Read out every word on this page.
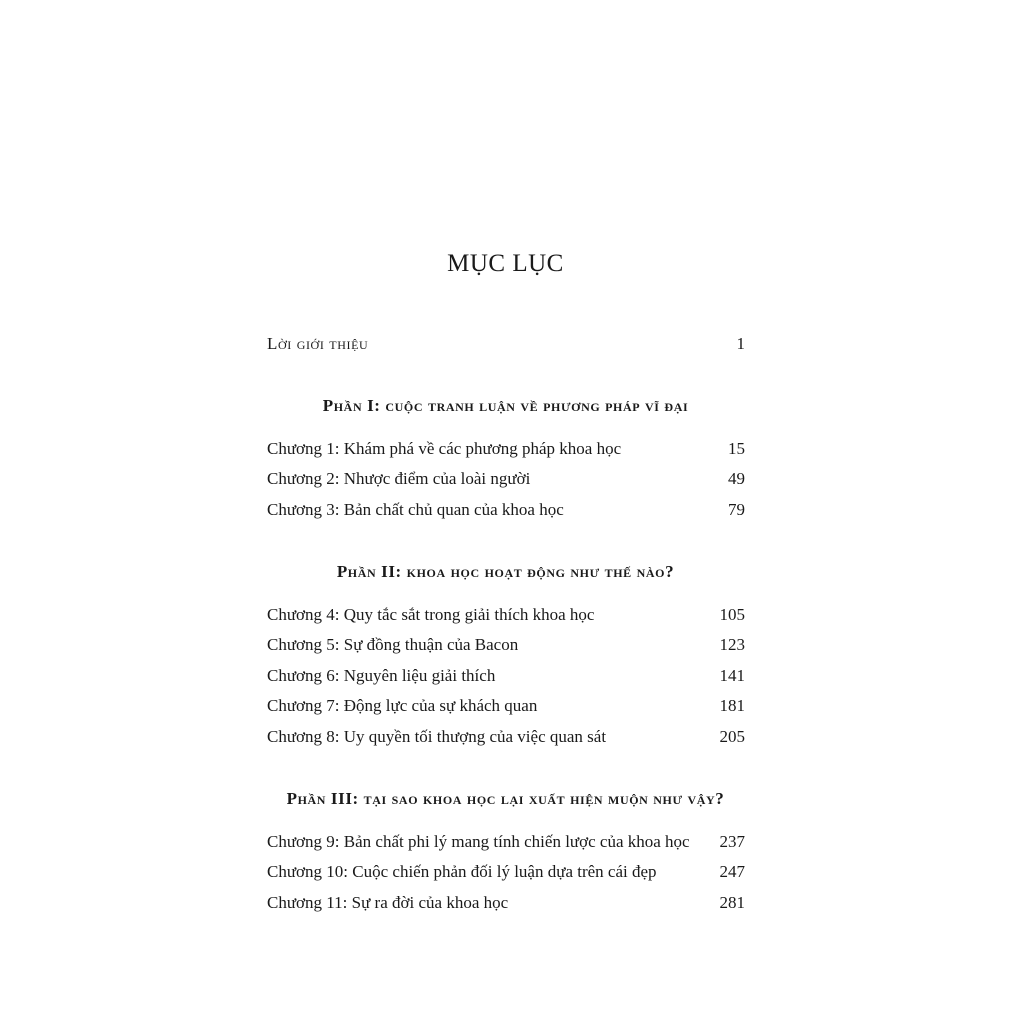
MỤC LỤC
Lời giới thiệu	1
Phần I: cuộc tranh luận về phương pháp vĩ đại
Chương 1: Khám phá về các phương pháp khoa học	15
Chương 2: Nhược điểm của loài người	49
Chương 3: Bản chất chủ quan của khoa học	79
Phần II: khoa học hoạt động như thế nào?
Chương 4: Quy tắc sắt trong giải thích khoa học	105
Chương 5: Sự đồng thuận của Bacon	123
Chương 6: Nguyên liệu giải thích	141
Chương 7: Động lực của sự khách quan	181
Chương 8: Uy quyền tối thượng của việc quan sát	205
Phần III: tại sao khoa học lại xuất hiện muộn như vậy?
Chương 9: Bản chất phi lý mang tính chiến lược của khoa học 237
Chương 10: Cuộc chiến phản đối lý luận dựa trên cái đẹp	247
Chương 11: Sự ra đời của khoa học	281
